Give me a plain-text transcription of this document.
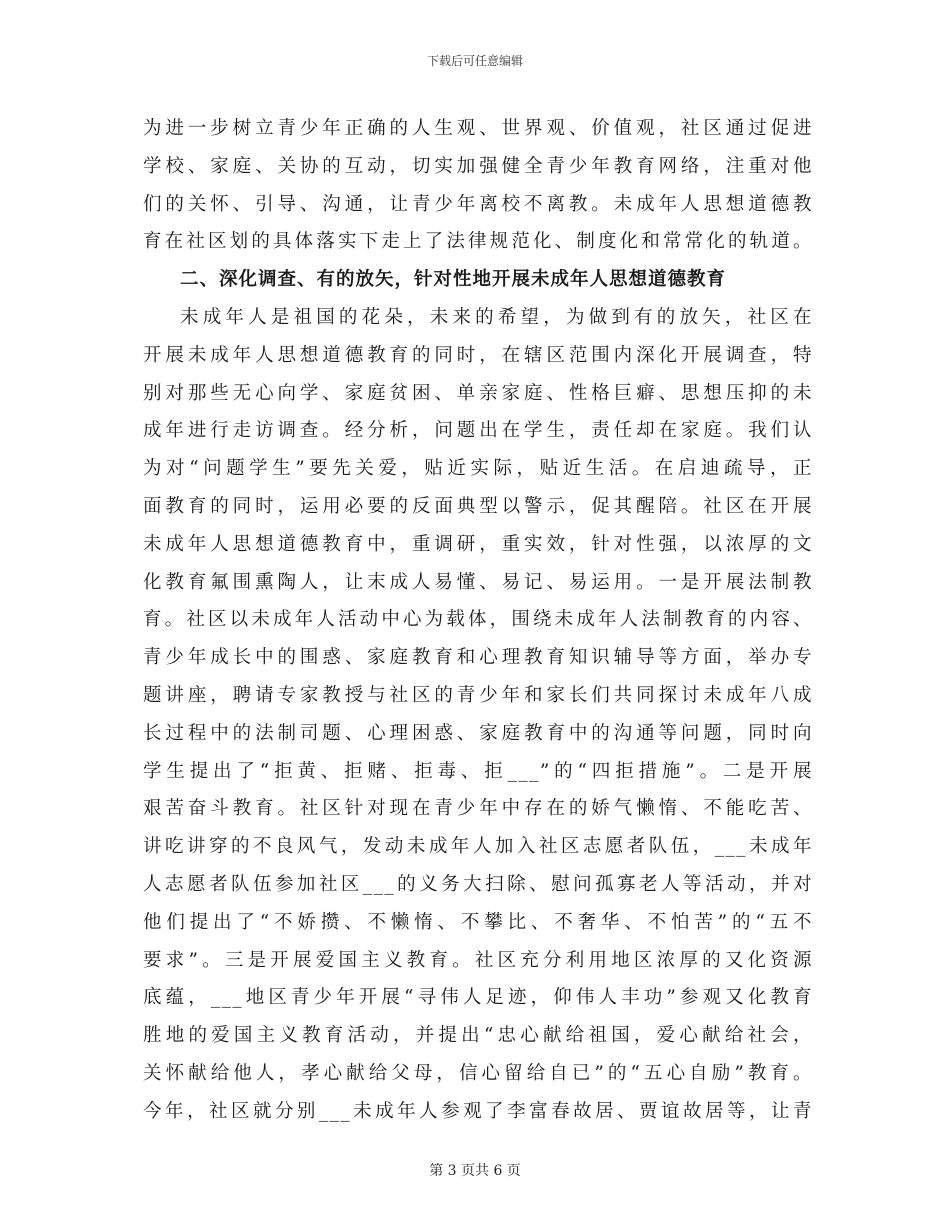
下载后可任意编辑
为进一步树立青少年正确的人生观、世界观、价值观，社区通过促进
学校、家庭、关协的互动，切实加强健全青少年教育网络，注重对他
们的关怀、引导、沟通，让青少年离校不离教。未成年人思想道德教
育在社区划的具体落实下走上了法律规范化、制度化和常常化的轨道。
二、深化调查、有的放矢，针对性地开展未成年人思想道德教育
未成年人是祖国的花朵，未来的希望，为做到有的放矢，社区在
开展未成年人思想道德教育的同时，在辖区范围内深化开展调查，特
别对那些无心向学、家庭贫困、单亲家庭、性格巨癖、思想压抑的未
成年进行走访调查。经分析，问题出在学生，责任却在家庭。我们认
为对“问题学生”要先关爱，贴近实际，贴近生活。在启迪疏导，正
面教育的同时，运用必要的反面典型以警示，促其醒陪。社区在开展
未成年人思想道德教育中，重调研，重实效，针对性强，以浓厚的文
化教育氟围熏陶人，让末成人易懂、易记、易运用。一是开展法制教
育。社区以未成年人活动中心为载体，围绕未成年人法制教育的内容、
青少年成长中的围惑、家庭教育和心理教育知识辅导等方面，举办专
题讲座，聘请专家教授与社区的青少年和家长们共同探讨未成年八成
长过程中的法制司题、心理困惑、家庭教育中的沟通等问题，同时向
学生提出了“拒黄、拒赌、拒毒、拒___”的“四拒措施”。二是开展
艰苦奋斗教育。社区针对现在青少年中存在的娇气懒惰、不能吃苦、
讲吃讲穿的不良风气，发动未成年人加入社区志愿者队伍，___未成年
人志愿者队伍参加社区___的义务大扫除、慰问孤寡老人等活动，并对
他们提出了“不娇攒、不懒惰、不攀比、不奢华、不怕苦”的“五不
要求”。三是开展爱国主义教育。社区充分利用地区浓厚的又化资源
底蕴，___地区青少年开展“寻伟人足迹，仰伟人丰功”参观又化教育
胜地的爱国主义教育活动，并提出“忠心献给祖国，爱心献给社会，
关怀献给他人，孝心献给父母，信心留给自已”的“五心自励”教育。
今年，社区就分别___未成年人参观了李富春故居、贾谊故居等，让青
第 3 页共 6 页
